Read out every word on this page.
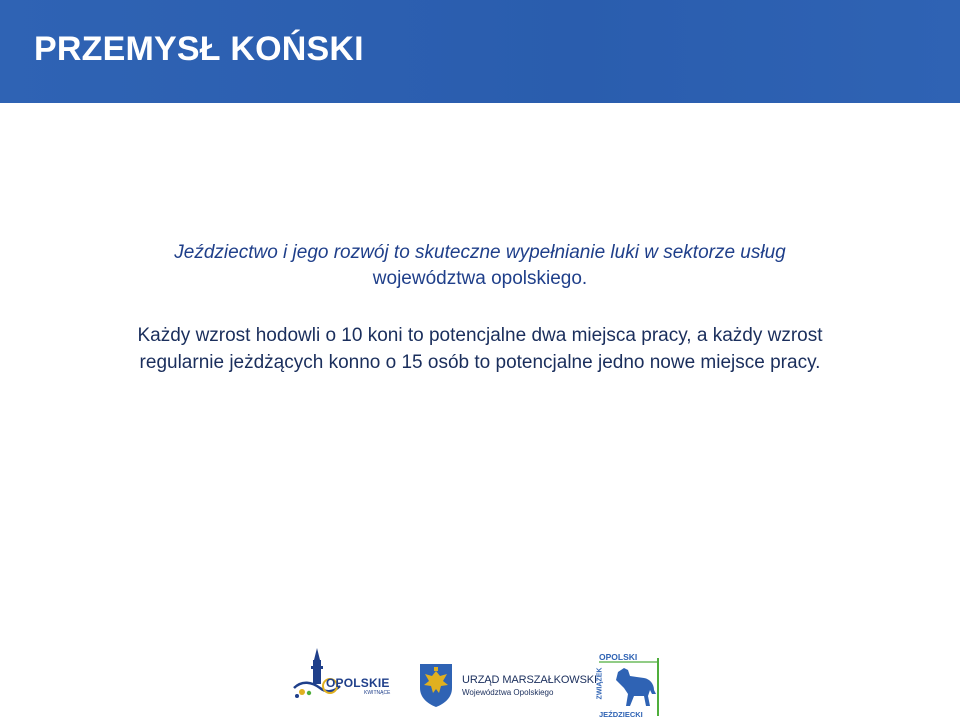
PRZEMYSŁ KOŃSKI
Jeździectwo i jego rozwój to skuteczne wypełnianie luki w sektorze usług
województwa opolskiego.
Każdy wzrost hodowli o 10 koni to potencjalne dwa miejsca pracy, a każdy wzrost
regularnie jeżdżących konno o 15 osób to potencjalne jedno nowe miejsce pracy.
OPOLSKIE
KWITNĄCE
URZĄD MARSZAŁKOWSKI
Województwa Opolskiego
OPOLSKI
ZWIĄZEK
JEŹDZIECKI
